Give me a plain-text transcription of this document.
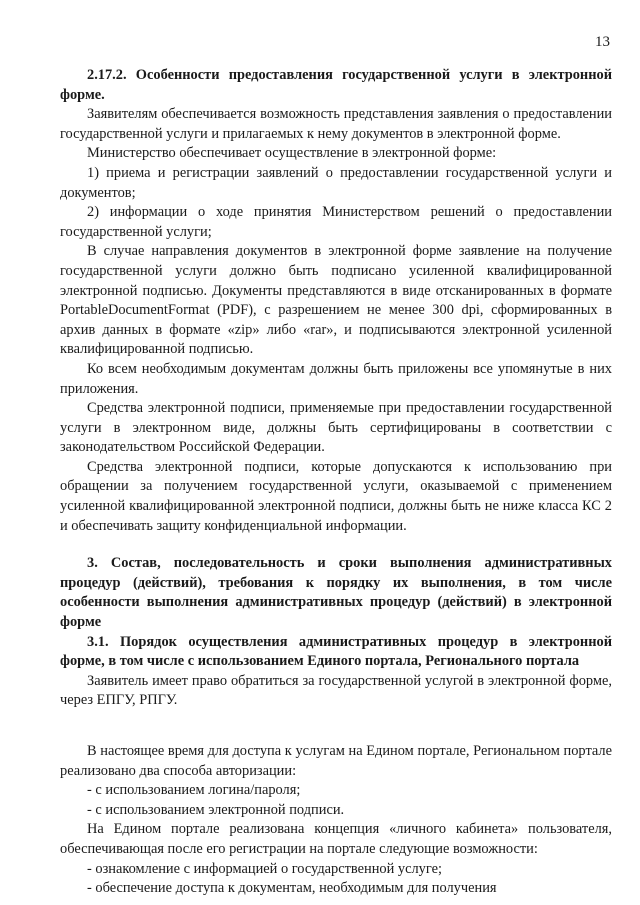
13

2.17.2. Особенности предоставления государственной услуги в электронной форме.

Заявителям обеспечивается возможность представления заявления о предоставлении государственной услуги и прилагаемых к нему документов в электронной форме.

Министерство обеспечивает осуществление в электронной форме:

1) приема и регистрации заявлений о предоставлении государственной услуги и документов;

2) информации о ходе принятия Министерством решений о предоставлении государственной услуги;

В случае направления документов в электронной форме заявление на получение государственной услуги должно быть подписано усиленной квалифицированной электронной подписью. Документы представляются в виде отсканированных в формате PortableDocumentFormat (PDF), с разрешением не менее 300 dpi, сформированных в архив данных в формате «zip» либо «rar», и подписываются электронной усиленной квалифицированной подписью.

Ко всем необходимым документам должны быть приложены все упомянутые в них приложения.

Средства электронной подписи, применяемые при предоставлении государственной услуги в электронном виде, должны быть сертифицированы в соответствии с законодательством Российской Федерации.

Средства электронной подписи, которые допускаются к использованию при обращении за получением государственной услуги, оказываемой с применением усиленной квалифицированной электронной подписи, должны быть не ниже класса КС 2 и обеспечивать защиту конфиденциальной информации.

3. Состав, последовательность и сроки выполнения административных процедур (действий), требования к порядку их выполнения, в том числе особенности выполнения административных процедур (действий) в электронной форме

3.1. Порядок осуществления административных процедур в электронной форме, в том числе с использованием Единого портала, Регионального портала

Заявитель имеет право обратиться за государственной услугой в электронной форме, через ЕПГУ, РПГУ.

В настоящее время для доступа к услугам на Едином портале, Региональном портале реализовано два способа авторизации:

- с использованием логина/пароля;

- с использованием электронной подписи.

На Едином портале реализована концепция «личного кабинета» пользователя, обеспечивающая после его регистрации на портале следующие возможности:

- ознакомление с информацией о государственной услуге;

- обеспечение доступа к документам, необходимым для получения
